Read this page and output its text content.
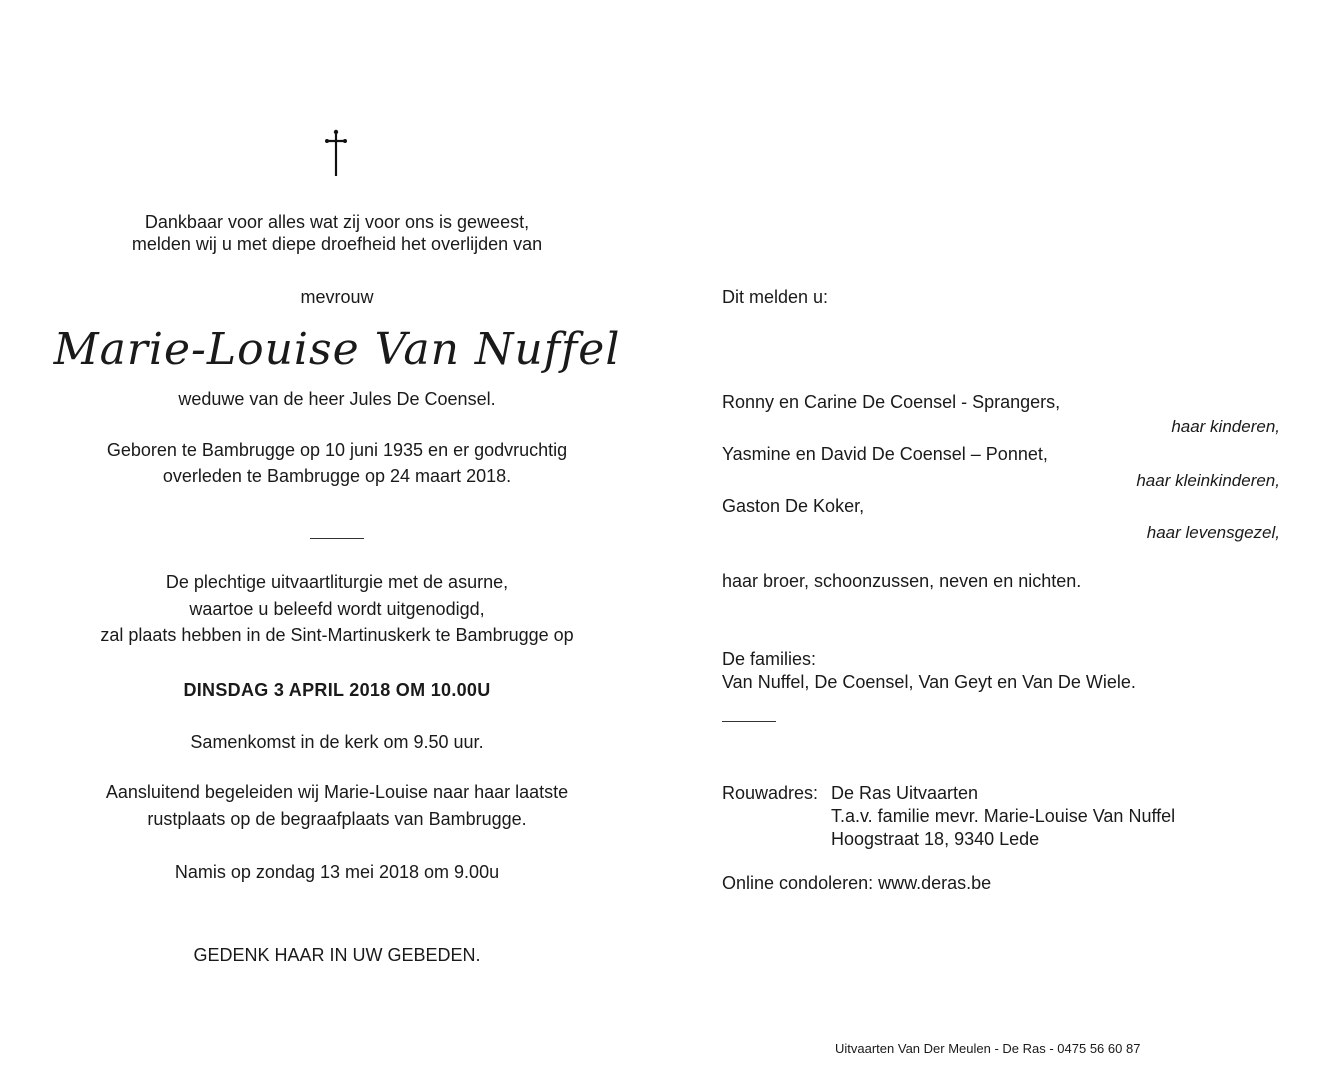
Dankbaar voor alles wat zij voor ons is geweest,
melden wij u met diepe droefheid het overlijden van
mevrouw
Marie-Louise Van Nuffel
weduwe van de heer Jules De Coensel.
Geboren te Bambrugge op 10 juni 1935 en er godvruchtig
overleden te Bambrugge op 24 maart 2018.
De plechtige uitvaartliturgie met de asurne,
waartoe u beleefd wordt uitgenodigd,
zal plaats hebben in de Sint-Martinuskerk te Bambrugge op
DINSDAG 3 APRIL 2018 OM 10.00U
Samenkomst in de kerk om 9.50 uur.
Aansluitend begeleiden wij Marie-Louise naar haar laatste
rustplaats op de begraafplaats van Bambrugge.
Namis op zondag 13 mei 2018 om 9.00u
GEDENK HAAR IN UW GEBEDEN.
Dit melden u:
Ronny en Carine De Coensel - Sprangers,
haar kinderen,
Yasmine en David De Coensel – Ponnet,
haar kleinkinderen,
Gaston De Koker,
haar levensgezel,
haar broer, schoonzussen, neven en nichten.
De families:
Van Nuffel, De Coensel, Van Geyt en Van De Wiele.
Rouwadres: De Ras Uitvaarten
T.a.v. familie mevr. Marie-Louise Van Nuffel
Hoogstraat 18, 9340 Lede
Online condoleren: www.deras.be
Uitvaarten Van Der Meulen - De Ras - 0475 56 60 87
